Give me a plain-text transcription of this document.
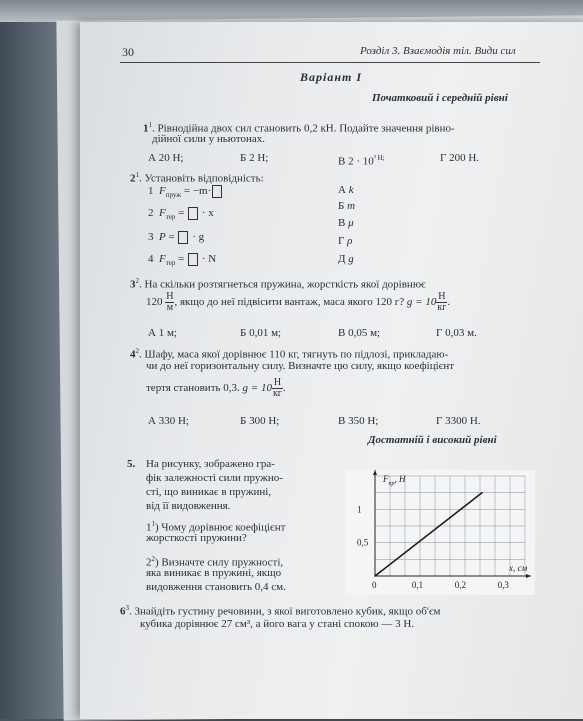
30	Розділ 3. Взаємодія тіл. Види сил
Варіант І
Початковий і середній рівні
$1^1$. Рівнодійна двох сил становить 0,2 кН. Подайте значення рівно-
дійної сили у ньютонах.
А 20 Н;	Б 2 Н;	В $2 \cdot 10^{^3 Н;}$	Г 200 Н.
$2^1$. Установіть відповідність:
1 $F_{пруж} = -m\cdot$
2 $F_{тер}$ =  · x
3 P =  · g
4 $F_{тер}$ =  · N
А k
Б m
В μ
Г ρ
Д g
$3^2$. На скільки розтягнеться пружина, жорсткість якої дорівнює
$120 \frac{Н}{м}$ , якщо до неї підвісити вантаж, маса якого 120 г? $g = 10 \frac{Н}{кг}$ .
А 1 м;	Б 0,01 м;	В 0,05 м;	Г 0,03 м.
$4^2$. Шафу, маса якої дорівнює 110 кг, тягнуть по підлозі, прикладаю-
чи до неї горизонтальну силу. Визначте цю силу, якщо коефіцієнт
тертя становить 0,3. $g = 10 \frac{Н}{кг}$ .
А 330 Н;	Б 300 Н;	В 350 Н;	Г 3300 Н.
Достатній і високий рівні
5. На рисунку, зображено гра-
фік залежності сили пружно-
сті, що виникає в пружині,
від її видовження.
$1^1$) Чому дорівнює коефіцієнт
жорсткості пружини?
$2^2$) Визначте силу пружності,
яка виникає в пружині, якщо
видовження становить 0,4 см.	0	0,1	0,2	0,3
0,5
1
x, см
$F_{пр}$, Н
$6^3$. Знайдіть густину речовини, з якої виготовлено кубик, якщо об'єм
кубика дорівнює 27 см³, а його вага у стані спокою — 3 Н.
